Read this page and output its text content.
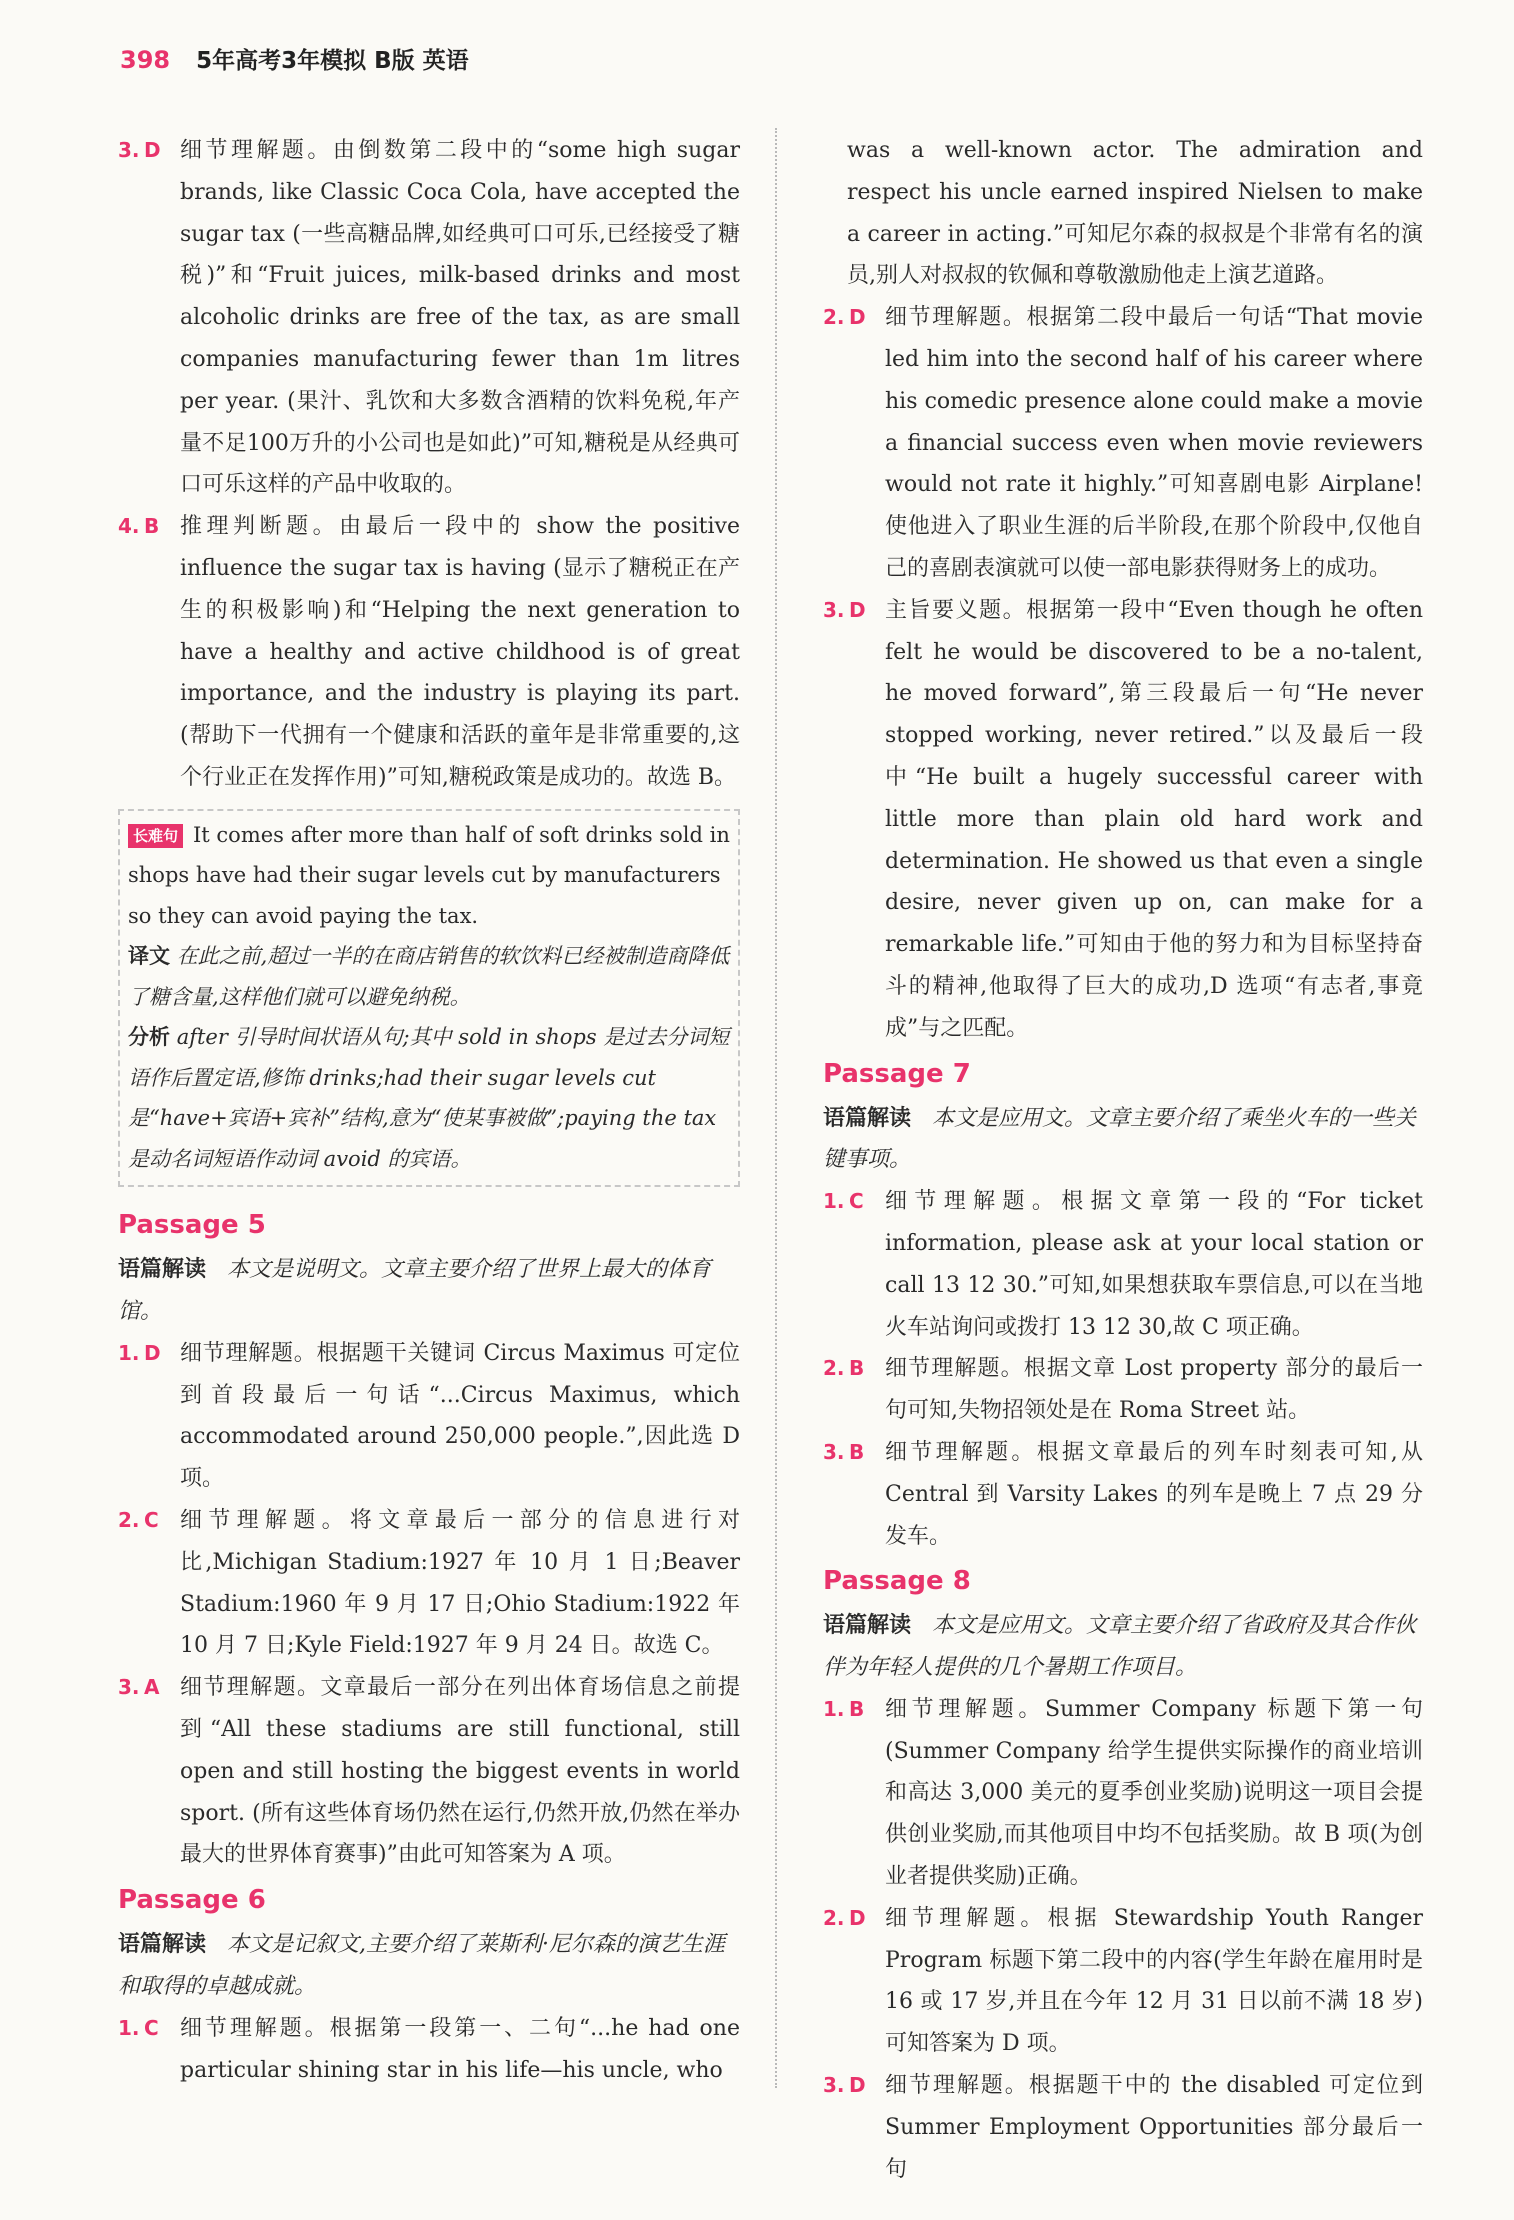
398 5年高考3年模拟 B版 英语
3. D 细节理解题。由倒数第二段中的“some high sugar brands, like Classic Coca Cola, have accepted the sugar tax (一些高糖品牌,如经典可口可乐,已经接受了糖税)”和“Fruit juices, milk-based drinks and most alcoholic drinks are free of the tax, as are small companies manufacturing fewer than 1m litres per year. (果汁、乳饮和大多数含酒精的饮料免税,年产量不足100万升的小公司也是如此)”可知,糖税是从经典可口可乐这样的产品中收取的。
4. B 推理判断题。由最后一段中的 show the positive influence the sugar tax is having (显示了糖税正在产生的积极影响)和“Helping the next generation to have a healthy and active childhood is of great importance, and the industry is playing its part.(帮助下一代拥有一个健康和活跃的童年是非常重要的,这个行业正在发挥作用)”可知,糖税政策是成功的。故选 B。
长难句 It comes after more than half of soft drinks sold in shops have had their sugar levels cut by manufacturers so they can avoid paying the tax.
译文 在此之前,超过一半的在商店销售的软饮料已经被制造商降低了糖含量,这样他们就可以避免纳税。
分析 after 引导时间状语从句;其中 sold in shops 是过去分词短语作后置定语,修饰 drinks;had their sugar levels cut 是“have+宾语+宾补”结构,意为“使某事被做”;paying the tax 是动名词短语作动词 avoid 的宾语。
Passage 5
语篇解读 本文是说明文。文章主要介绍了世界上最大的体育馆。
1. D 细节理解题。根据题干关键词 Circus Maximus 可定位到首段最后一句话“...Circus Maximus, which accommodated around 250,000 people.”,因此选 D 项。
2. C 细节理解题。将文章最后一部分的信息进行对比,Michigan Stadium:1927 年 10 月 1 日;Beaver Stadium:1960 年 9 月 17 日;Ohio Stadium:1922 年 10 月 7 日;Kyle Field:1927 年 9 月 24 日。故选 C。
3. A 细节理解题。文章最后一部分在列出体育场信息之前提到“All these stadiums are still functional, still open and still hosting the biggest events in world sport. (所有这些体育场仍然在运行,仍然开放,仍然在举办最大的世界体育赛事)”由此可知答案为 A 项。
Passage 6
语篇解读 本文是记叙文,主要介绍了莱斯利·尼尔森的演艺生涯和取得的卓越成就。
1. C 细节理解题。根据第一段第一、二句“...he had one particular shining star in his life—his uncle, who
was a well-known actor. The admiration and respect his uncle earned inspired Nielsen to make a career in acting.”可知尼尔森的叔叔是个非常有名的演员,别人对叔叔的钦佩和尊敬激励他走上演艺道路。
2. D 细节理解题。根据第二段中最后一句话“That movie led him into the second half of his career where his comedic presence alone could make a movie a financial success even when movie reviewers would not rate it highly.”可知喜剧电影 Airplane! 使他进入了职业生涯的后半阶段,在那个阶段中,仅他自己的喜剧表演就可以使一部电影获得财务上的成功。
3. D 主旨要义题。根据第一段中“Even though he often felt he would be discovered to be a no-talent, he moved forward”,第三段最后一句“He never stopped working, never retired.”以及最后一段中“He built a hugely successful career with little more than plain old hard work and determination. He showed us that even a single desire, never given up on, can make for a remarkable life.”可知由于他的努力和为目标坚持奋斗的精神,他取得了巨大的成功,D 选项“有志者,事竟成”与之匹配。
Passage 7
语篇解读 本文是应用文。文章主要介绍了乘坐火车的一些关键事项。
1. C 细节理解题。根据文章第一段的“For ticket information, please ask at your local station or call 13 12 30.”可知,如果想获取车票信息,可以在当地火车站询问或拨打 13 12 30,故 C 项正确。
2. B 细节理解题。根据文章 Lost property 部分的最后一句可知,失物招领处是在 Roma Street 站。
3. B 细节理解题。根据文章最后的列车时刻表可知,从 Central 到 Varsity Lakes 的列车是晚上 7 点 29 分发车。
Passage 8
语篇解读 本文是应用文。文章主要介绍了省政府及其合作伙伴为年轻人提供的几个暑期工作项目。
1. B 细节理解题。Summer Company 标题下第一句(Summer Company 给学生提供实际操作的商业培训和高达 3,000 美元的夏季创业奖励)说明这一项目会提供创业奖励,而其他项目中均不包括奖励。故 B 项(为创业者提供奖励)正确。
2. D 细节理解题。根据 Stewardship Youth Ranger Program 标题下第二段中的内容(学生年龄在雇用时是 16 或 17 岁,并且在今年 12 月 31 日以前不满 18 岁)可知答案为 D 项。
3. D 细节理解题。根据题干中的 the disabled 可定位到 Summer Employment Opportunities 部分最后一句
